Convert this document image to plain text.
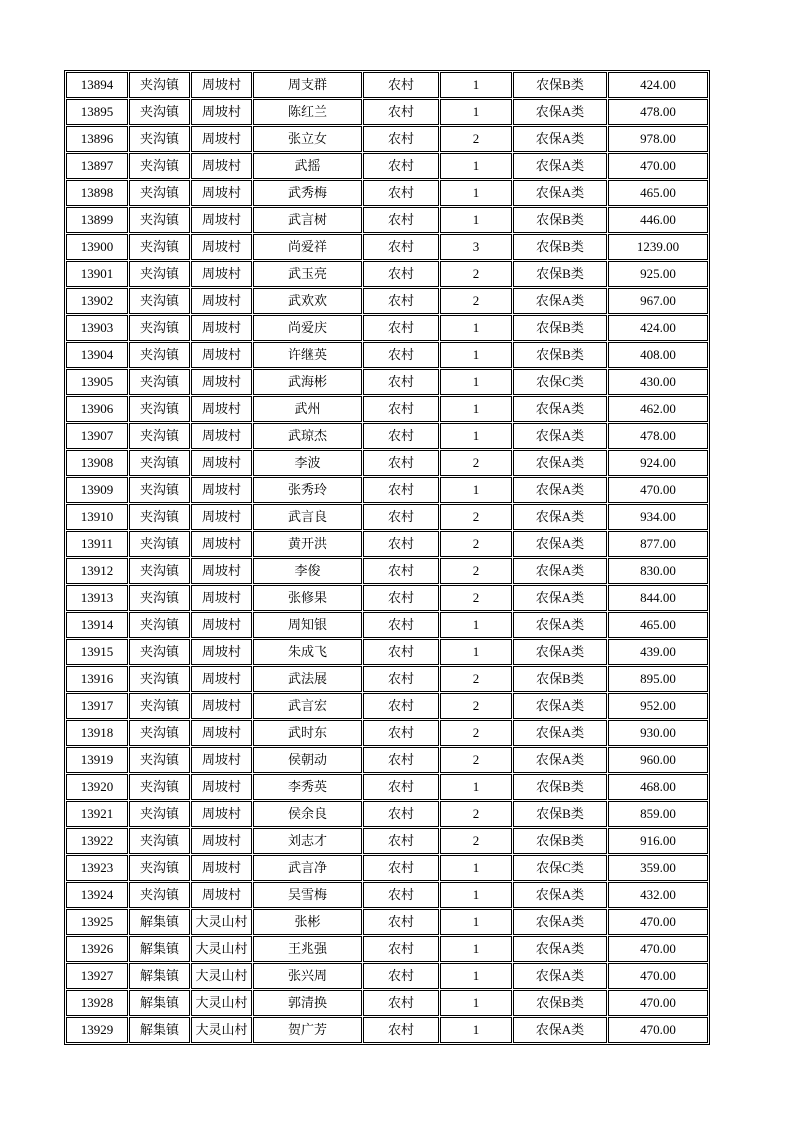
13894	夹沟镇	周坡村	周支群	农村	1	农保B类	424.00
13895	夹沟镇	周坡村	陈红兰	农村	1	农保A类	478.00
13896	夹沟镇	周坡村	张立女	农村	2	农保A类	978.00
13897	夹沟镇	周坡村	武摇	农村	1	农保A类	470.00
13898	夹沟镇	周坡村	武秀梅	农村	1	农保A类	465.00
13899	夹沟镇	周坡村	武言树	农村	1	农保B类	446.00
13900	夹沟镇	周坡村	尚爱祥	农村	3	农保B类	1239.00
13901	夹沟镇	周坡村	武玉亮	农村	2	农保B类	925.00
13902	夹沟镇	周坡村	武欢欢	农村	2	农保A类	967.00
13903	夹沟镇	周坡村	尚爱庆	农村	1	农保B类	424.00
13904	夹沟镇	周坡村	许继英	农村	1	农保B类	408.00
13905	夹沟镇	周坡村	武海彬	农村	1	农保C类	430.00
13906	夹沟镇	周坡村	武州	农村	1	农保A类	462.00
13907	夹沟镇	周坡村	武琼杰	农村	1	农保A类	478.00
13908	夹沟镇	周坡村	李波	农村	2	农保A类	924.00
13909	夹沟镇	周坡村	张秀玲	农村	1	农保A类	470.00
13910	夹沟镇	周坡村	武言良	农村	2	农保A类	934.00
13911	夹沟镇	周坡村	黄开洪	农村	2	农保A类	877.00
13912	夹沟镇	周坡村	李俊	农村	2	农保A类	830.00
13913	夹沟镇	周坡村	张修果	农村	2	农保A类	844.00
13914	夹沟镇	周坡村	周知银	农村	1	农保A类	465.00
13915	夹沟镇	周坡村	朱成飞	农村	1	农保A类	439.00
13916	夹沟镇	周坡村	武法展	农村	2	农保B类	895.00
13917	夹沟镇	周坡村	武言宏	农村	2	农保A类	952.00
13918	夹沟镇	周坡村	武时东	农村	2	农保A类	930.00
13919	夹沟镇	周坡村	侯朝动	农村	2	农保A类	960.00
13920	夹沟镇	周坡村	李秀英	农村	1	农保B类	468.00
13921	夹沟镇	周坡村	侯余良	农村	2	农保B类	859.00
13922	夹沟镇	周坡村	刘志才	农村	2	农保B类	916.00
13923	夹沟镇	周坡村	武言净	农村	1	农保C类	359.00
13924	夹沟镇	周坡村	吴雪梅	农村	1	农保A类	432.00
13925	解集镇	大灵山村	张彬	农村	1	农保A类	470.00
13926	解集镇	大灵山村	王兆强	农村	1	农保A类	470.00
13927	解集镇	大灵山村	张兴周	农村	1	农保A类	470.00
13928	解集镇	大灵山村	郭清换	农村	1	农保B类	470.00
13929	解集镇	大灵山村	贺广芳	农村	1	农保A类	470.00
